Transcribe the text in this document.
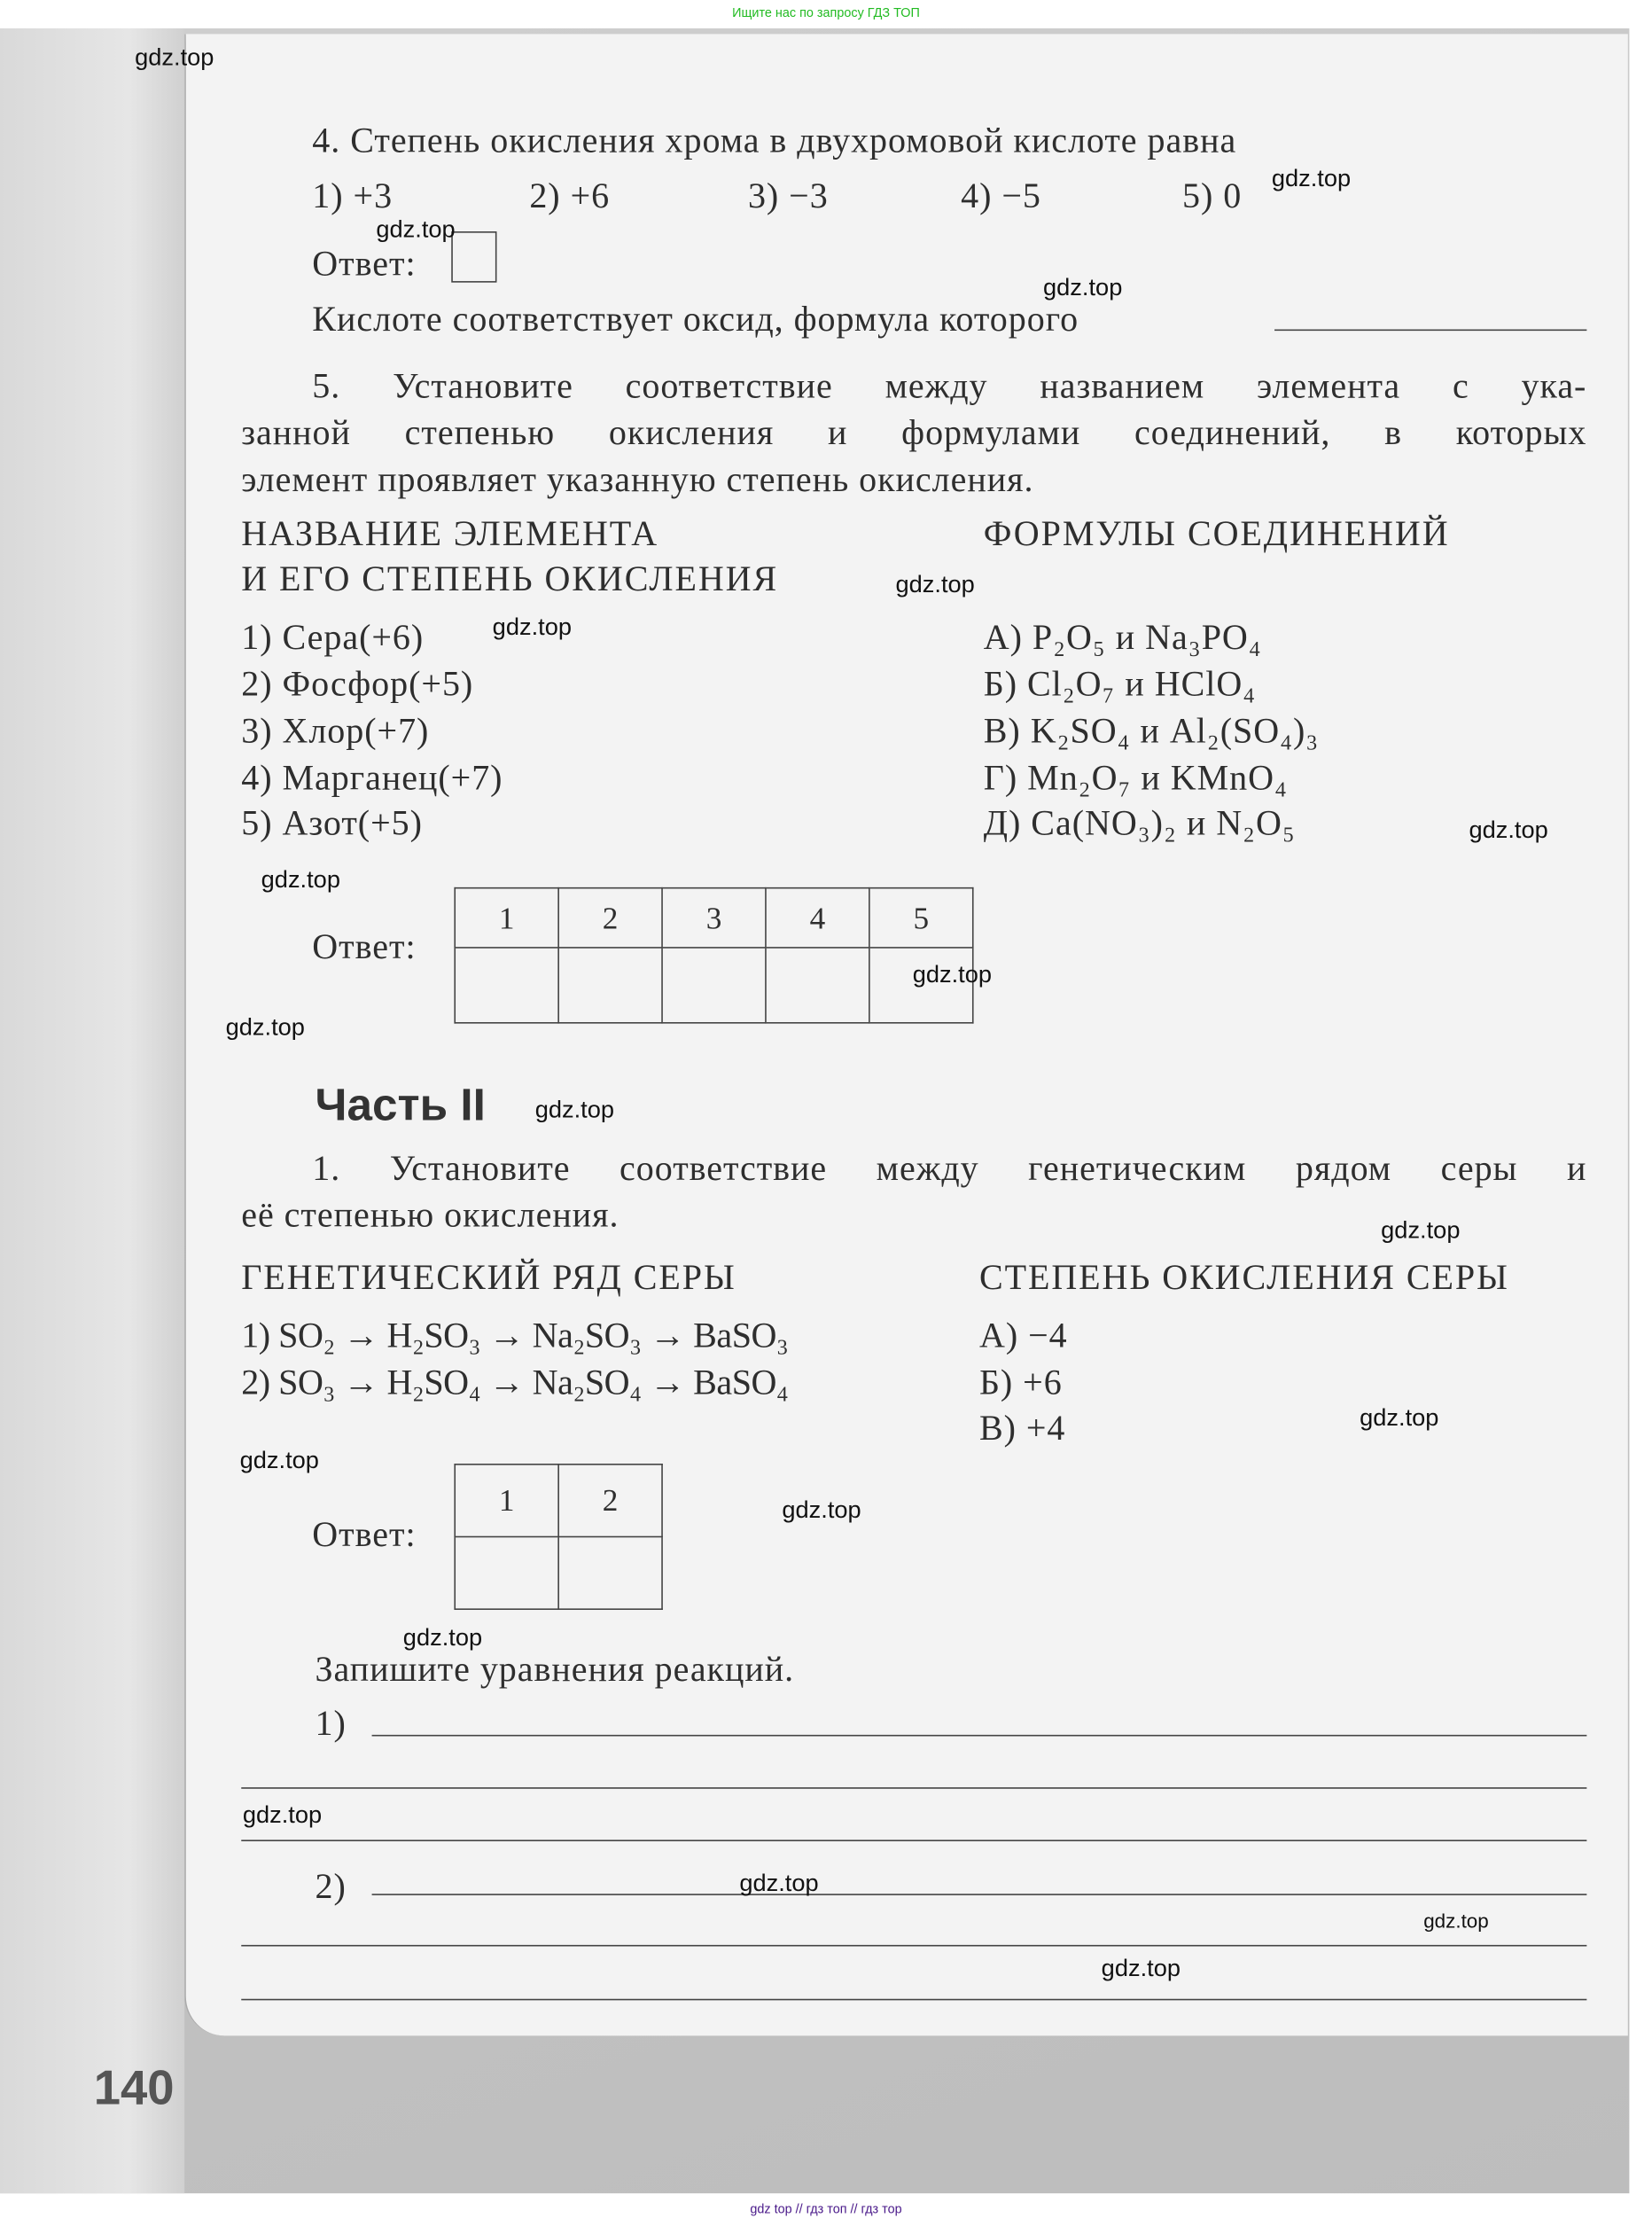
Ищите нас по запросу ГДЗ ТОП
4. Степень окисления хрома в двухромовой кислоте равна
1) +3	2) +6	3) −3	4) −5	5) 0
Ответ:
Кислоте соответствует оксид, формула которого
5. Установите соответствие между названием элемента с ука-
занной степенью окисления и формулами соединений, в которых
элемент проявляет указанную степень окисления.
НАЗВАНИЕ ЭЛЕМЕНТА
И ЕГО СТЕПЕНЬ ОКИСЛЕНИЯ
ФОРМУЛЫ СОЕДИНЕНИЙ
1) Сера(+6)
2) Фосфор(+5)
3) Хлор(+7)
4) Марганец(+7)
5) Азот(+5)
А) P₂O₅ и Na₃PO₄
Б) Cl₂O₇ и HClO₄
В) K₂SO₄ и Al₂(SO₄)₃
Г) Mn₂O₇ и KMnO₄
Д) Ca(NO₃)₂ и N₂O₅
Ответ:
1	2	3	4	5

Часть II
1. Установите соответствие между генетическим рядом серы и
её степенью окисления.
ГЕНЕТИЧЕСКИЙ РЯД СЕРЫ	СТЕПЕНЬ ОКИСЛЕНИЯ СЕРЫ
1) SO₂ → H₂SO₃ → Na₂SO₃ → BaSO₃
2) SO₃ → H₂SO₄ → Na₂SO₄ → BaSO₄
А) −4
Б) +6
В) +4
Ответ:
1	2

Запишите уравнения реакций.
1)
2)
140
gdz.top
gdz.top
gdz.top
gdz.top
gdz.top
gdz.top
gdz.top
gdz.top
gdz.top
gdz.top
gdz.top
gdz.top
gdz.top
gdz.top
gdz.top
gdz.top
gdz.top
gdz.top
gdz.top
gdz.top
gdz top // гдз топ // гдз тор
